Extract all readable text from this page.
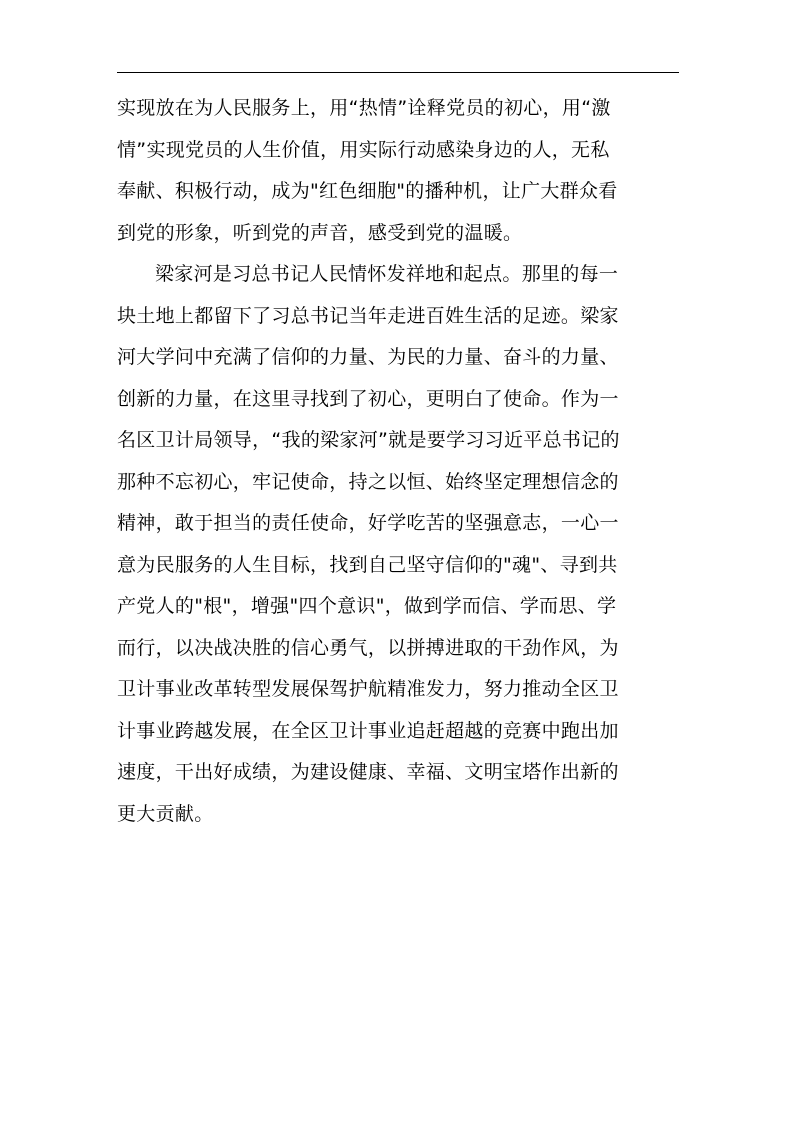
实现放在为人民服务上，用“热情”诠释党员的初心，用“激
情”实现党员的人生价值，用实际行动感染身边的人，无私
奉献、积极行动，成为"红色细胞"的播种机，让广大群众看
到党的形象，听到党的声音，感受到党的温暖。
梁家河是习总书记人民情怀发祥地和起点。那里的每一
块土地上都留下了习总书记当年走进百姓生活的足迹。梁家
河大学问中充满了信仰的力量、为民的力量、奋斗的力量、
创新的力量，在这里寻找到了初心，更明白了使命。作为一
名区卫计局领导，“我的梁家河”就是要学习习近平总书记的
那种不忘初心，牢记使命，持之以恒、始终坚定理想信念的
精神，敢于担当的责任使命，好学吃苦的坚强意志，一心一
意为民服务的人生目标，找到自己坚守信仰的"魂"、寻到共
产党人的"根"，增强"四个意识"，做到学而信、学而思、学
而行，以决战决胜的信心勇气，以拼搏进取的干劲作风，为
卫计事业改革转型发展保驾护航精准发力，努力推动全区卫
计事业跨越发展，在全区卫计事业追赶超越的竞赛中跑出加
速度，干出好成绩，为建设健康、幸福、文明宝塔作出新的
更大贡献。
